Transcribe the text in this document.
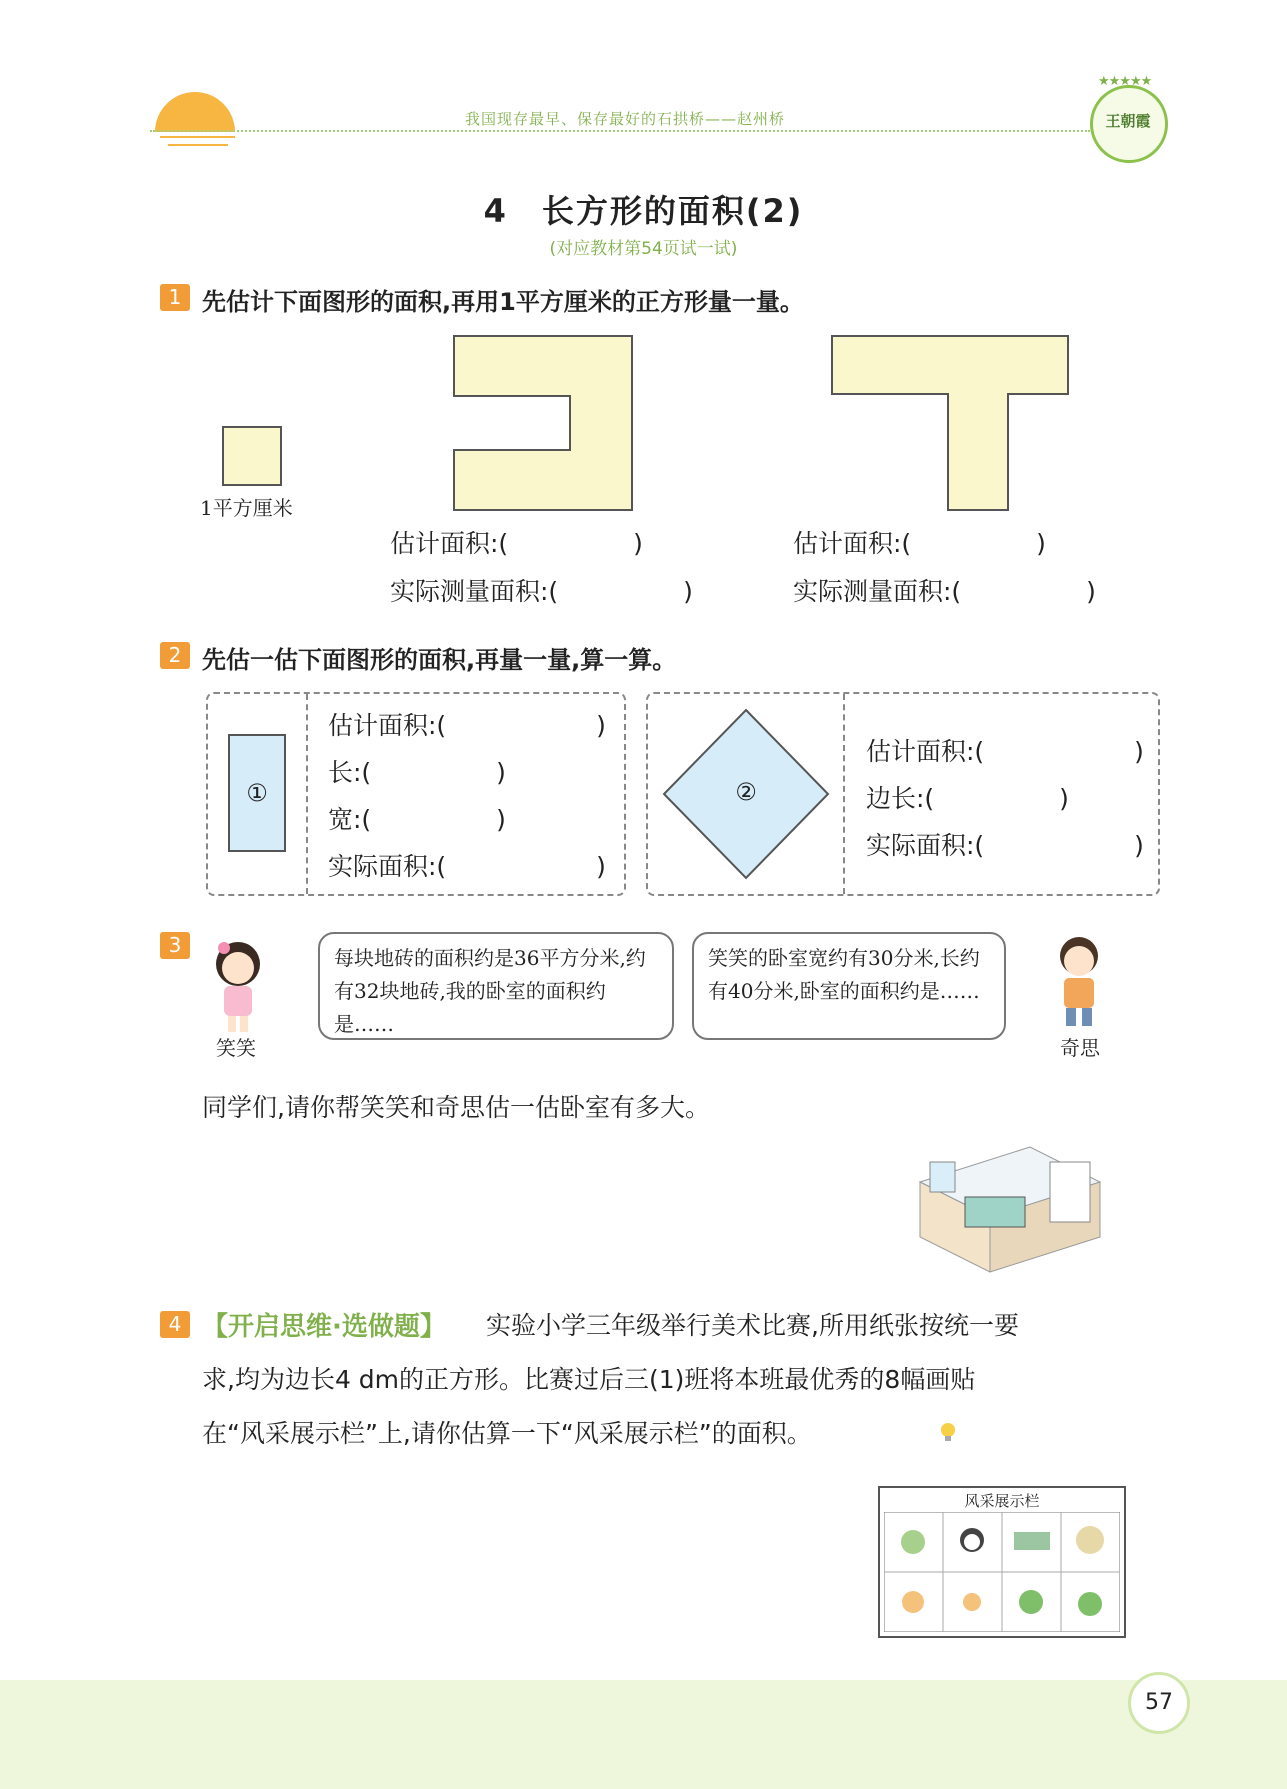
我国现存最早、保存最好的石拱桥——赵州桥
★★★★★
王朝霞
4　长方形的面积(2)
(对应教材第54页试一试)
1 先估计下面图形的面积,再用1平方厘米的正方形量一量。
1平方厘米
估计面积:(　　　　　)
实际测量面积:(　　　　　)
估计面积:(　　　　　)
实际测量面积:(　　　　　)
2 先估一估下面图形的面积,再量一量,算一算。
①
估计面积:(　　　　　　)
长:(　　　　　)
宽:(　　　　　)
实际面积:(　　　　　　)
②
估计面积:(　　　　　　)
边长:(　　　　　)
实际面积:(　　　　　　)
3
笑笑
每块地砖的面积约是36平方分米,约有32块地砖,我的卧室的面积约是……
笑笑的卧室宽约有30分米,长约有40分米,卧室的面积约是……
奇思
同学们,请你帮笑笑和奇思估一估卧室有多大。
4 【开启思维·选做题】 实验小学三年级举行美术比赛,所用纸张按统一要
求,均为边长4 dm的正方形。比赛过后三(1)班将本班最优秀的8幅画贴
在“风采展示栏”上,请你估算一下“风采展示栏”的面积。
风采展示栏
57
